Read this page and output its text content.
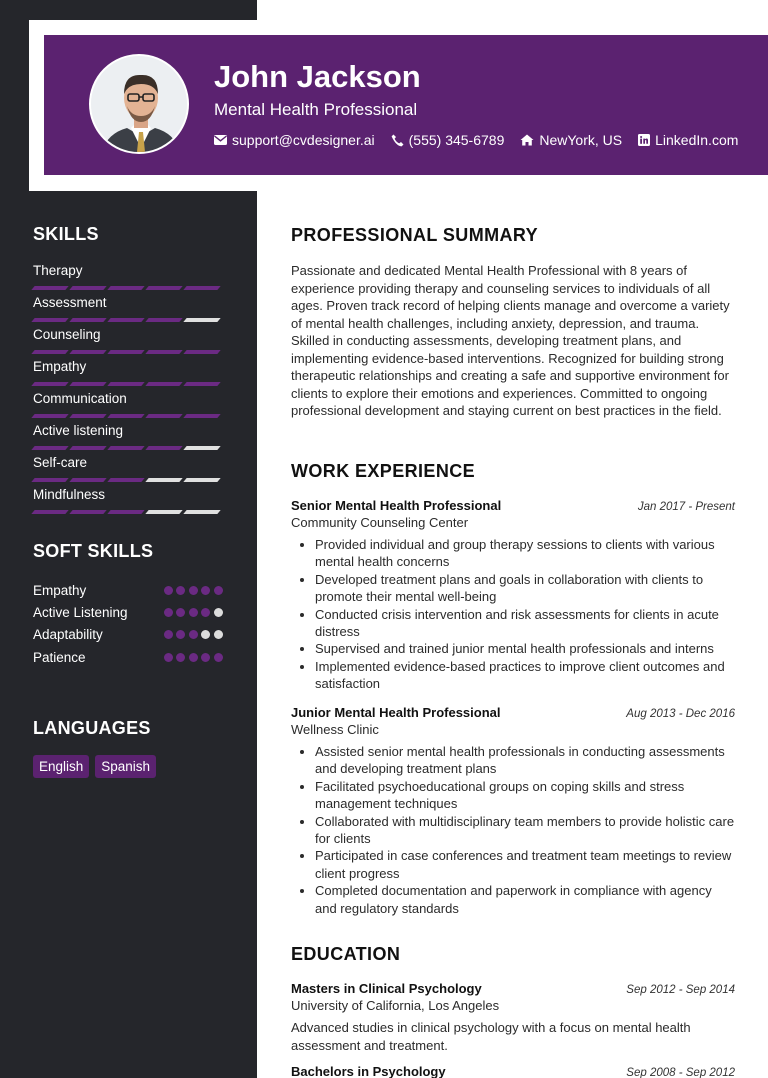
John Jackson
Mental Health Professional
support@cvdesigner.ai (555) 345-6789	NewYork, US LinkedIn.com
SKILLS
Therapy
Assessment
Counseling
Empathy
Communication
Active listening
Self-care
Mindfulness
SOFT SKILLS
Empathy
Active Listening
Adaptability
Patience
LANGUAGES
English	Spanish
PROFESSIONAL SUMMARY
Passionate and dedicated Mental Health Professional with 8 years of experience providing therapy and counseling services to individuals of all ages. Proven track record of helping clients manage and overcome a variety of mental health challenges, including anxiety, depression, and trauma. Skilled in conducting assessments, developing treatment plans, and implementing evidence-based interventions. Recognized for building strong therapeutic relationships and creating a safe and supportive environment for clients to explore their emotions and experiences. Committed to ongoing professional development and staying current on best practices in the field.
WORK EXPERIENCE
Senior Mental Health Professional	Jan 2017 - Present
Community Counseling Center
• Provided individual and group therapy sessions to clients with various mental health concerns
• Developed treatment plans and goals in collaboration with clients to promote their mental well-being
• Conducted crisis intervention and risk assessments for clients in acute distress
• Supervised and trained junior mental health professionals and interns
• Implemented evidence-based practices to improve client outcomes and satisfaction
Junior Mental Health Professional	Aug 2013 - Dec 2016
Wellness Clinic
• Assisted senior mental health professionals in conducting assessments and developing treatment plans
• Facilitated psychoeducational groups on coping skills and stress management techniques
• Collaborated with multidisciplinary team members to provide holistic care for clients
• Participated in case conferences and treatment team meetings to review client progress
• Completed documentation and paperwork in compliance with agency and regulatory standards
EDUCATION
Masters in Clinical Psychology	Sep 2012 - Sep 2014
University of California, Los Angeles
Advanced studies in clinical psychology with a focus on mental health assessment and treatment.
Bachelors in Psychology	Sep 2008 - Sep 2012
